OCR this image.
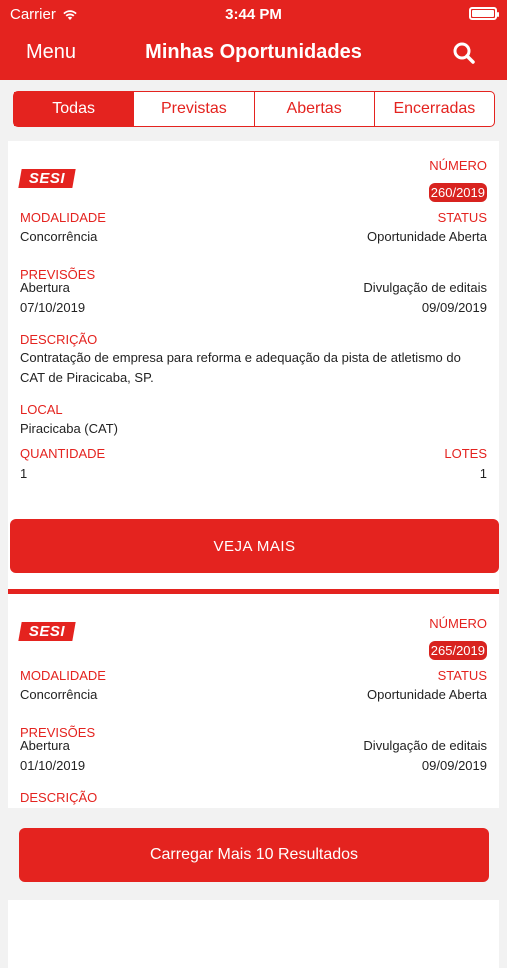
Carrier	3:44 PM
Menu	Minhas Oportunidades
Todas	Previstas	Abertas	Encerradas
SESI
NÚMERO
260/2019
MODALIDADE	STATUS
Concorrência	Oportunidade Aberta
PREVISÕES
Abertura	Divulgação de editais
07/10/2019	09/09/2019
DESCRIÇÃO
Contratação de empresa para reforma e adequação da pista de atletismo do CAT de Piracicaba, SP.
LOCAL
Piracicaba (CAT)
QUANTIDADE	LOTES
1	1
VEJA MAIS
SESI	NÚMERO
265/2019
MODALIDADE	STATUS
Concorrência	Oportunidade Aberta
PREVISÕES
Abertura	Divulgação de editais
01/10/2019	09/09/2019
DESCRIÇÃO
Carregar Mais 10 Resultados
